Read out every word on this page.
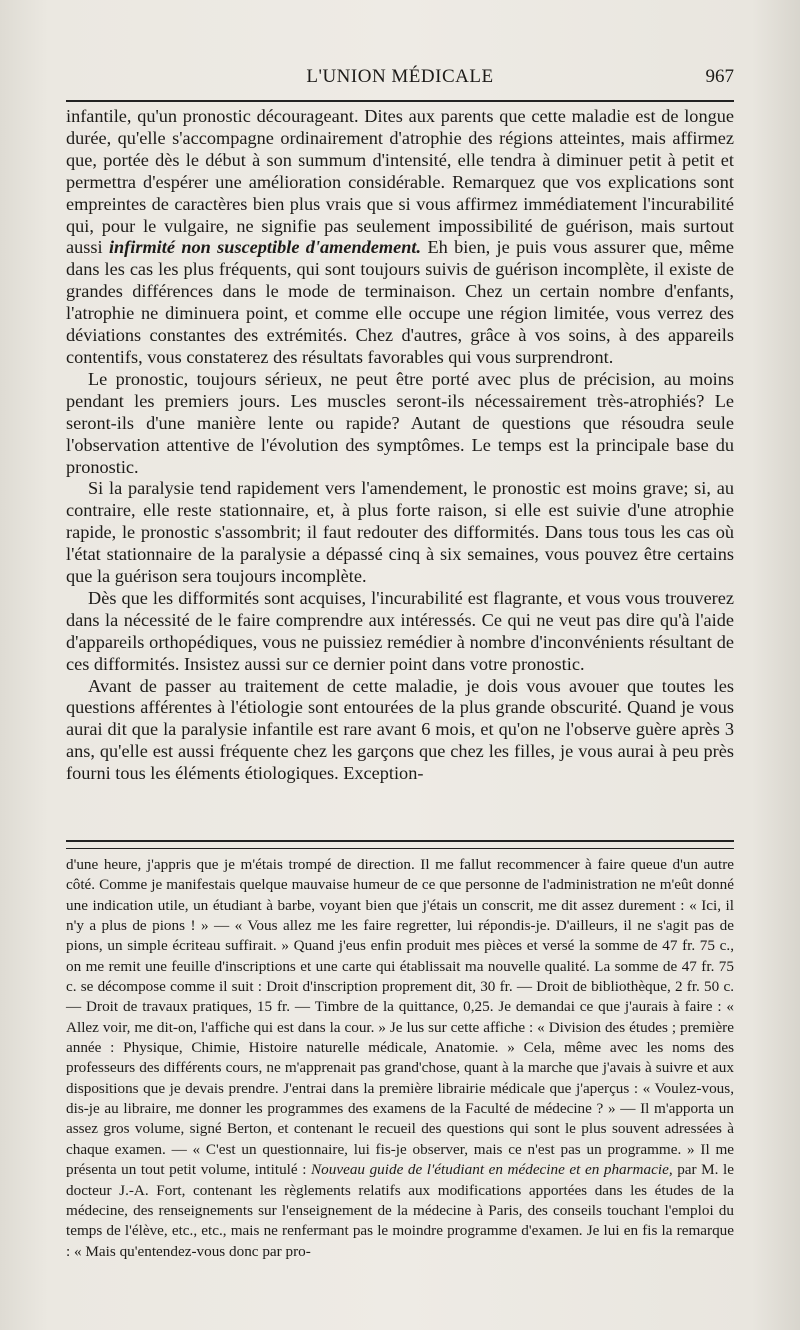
L'UNION MÉDICALE	967

infantile, qu'un pronostic décourageant. Dites aux parents que cette maladie est de longue durée, qu'elle s'accompagne ordinairement d'atrophie des régions atteintes, mais affirmez que, portée dès le début à son summum d'intensité, elle tendra à diminuer petit à petit et permettra d'espérer une amélioration considérable. Remarquez que vos explications sont empreintes de caractères bien plus vrais que si vous affirmez immédiatement l'incurabilité qui, pour le vulgaire, ne signifie pas seulement impossibilité de guérison, mais surtout aussi infirmité non susceptible d'amendement. Eh bien, je puis vous assurer que, même dans les cas les plus fréquents, qui sont toujours suivis de guérison incomplète, il existe de grandes différences dans le mode de terminaison. Chez un certain nombre d'enfants, l'atrophie ne diminuera point, et comme elle occupe une région limitée, vous verrez des déviations constantes des extrémités. Chez d'autres, grâce à vos soins, à des appareils contentifs, vous constaterez des résultats favorables qui vous surprendront.

Le pronostic, toujours sérieux, ne peut être porté avec plus de précision, au moins pendant les premiers jours. Les muscles seront-ils nécessairement très-atrophiés? Le seront-ils d'une manière lente ou rapide? Autant de questions que résoudra seule l'observation attentive de l'évolution des symptômes. Le temps est la principale base du pronostic.

Si la paralysie tend rapidement vers l'amendement, le pronostic est moins grave; si, au contraire, elle reste stationnaire, et, à plus forte raison, si elle est suivie d'une atrophie rapide, le pronostic s'assombrit; il faut redouter des difformités. Dans tous tous les cas où l'état stationnaire de la paralysie a dépassé cinq à six semaines, vous pouvez être certains que la guérison sera toujours incomplète.

Dès que les difformités sont acquises, l'incurabilité est flagrante, et vous vous trouverez dans la nécessité de le faire comprendre aux intéressés. Ce qui ne veut pas dire qu'à l'aide d'appareils orthopédiques, vous ne puissiez remédier à nombre d'inconvénients résultant de ces difformités. Insistez aussi sur ce dernier point dans votre pronostic.

Avant de passer au traitement de cette maladie, je dois vous avouer que toutes les questions afférentes à l'étiologie sont entourées de la plus grande obscurité. Quand je vous aurai dit que la paralysie infantile est rare avant 6 mois, et qu'on ne l'observe guère après 3 ans, qu'elle est aussi fréquente chez les garçons que chez les filles, je vous aurai à peu près fourni tous les éléments étiologiques. Exception-

d'une heure, j'appris que je m'étais trompé de direction. Il me fallut recommencer à faire queue d'un autre côté. Comme je manifestais quelque mauvaise humeur de ce que personne de l'administration ne m'eût donné une indication utile, un étudiant à barbe, voyant bien que j'étais un conscrit, me dit assez durement : « Ici, il n'y a plus de pions ! » — « Vous allez me les faire regretter, lui répondis-je. D'ailleurs, il ne s'agit pas de pions, un simple écriteau suffirait. » Quand j'eus enfin produit mes pièces et versé la somme de 47 fr. 75 c., on me remit une feuille d'inscriptions et une carte qui établissait ma nouvelle qualité. La somme de 47 fr. 75 c. se décompose comme il suit : Droit d'inscription proprement dit, 30 fr. — Droit de bibliothèque, 2 fr. 50 c. — Droit de travaux pratiques, 15 fr. — Timbre de la quittance, 0,25. Je demandai ce que j'aurais à faire : « Allez voir, me dit-on, l'affiche qui est dans la cour. » Je lus sur cette affiche : « Division des études ; première année : Physique, Chimie, Histoire naturelle médicale, Anatomie. » Cela, même avec les noms des professeurs des différents cours, ne m'apprenait pas grand'chose, quant à la marche que j'avais à suivre et aux dispositions que je devais prendre. J'entrai dans la première librairie médicale que j'aperçus : « Voulez-vous, dis-je au libraire, me donner les programmes des examens de la Faculté de médecine ? » — Il m'apporta un assez gros volume, signé Berton, et contenant le recueil des questions qui sont le plus souvent adressées à chaque examen. — « C'est un questionnaire, lui fis-je observer, mais ce n'est pas un programme. » Il me présenta un tout petit volume, intitulé : Nouveau guide de l'étudiant en médecine et en pharmacie, par M. le docteur J.-A. Fort, contenant les règlements relatifs aux modifications apportées dans les études de la médecine, des renseignements sur l'enseignement de la médecine à Paris, des conseils touchant l'emploi du temps de l'élève, etc., etc., mais ne renfermant pas le moindre programme d'examen. Je lui en fis la remarque : « Mais qu'entendez-vous donc par pro-
